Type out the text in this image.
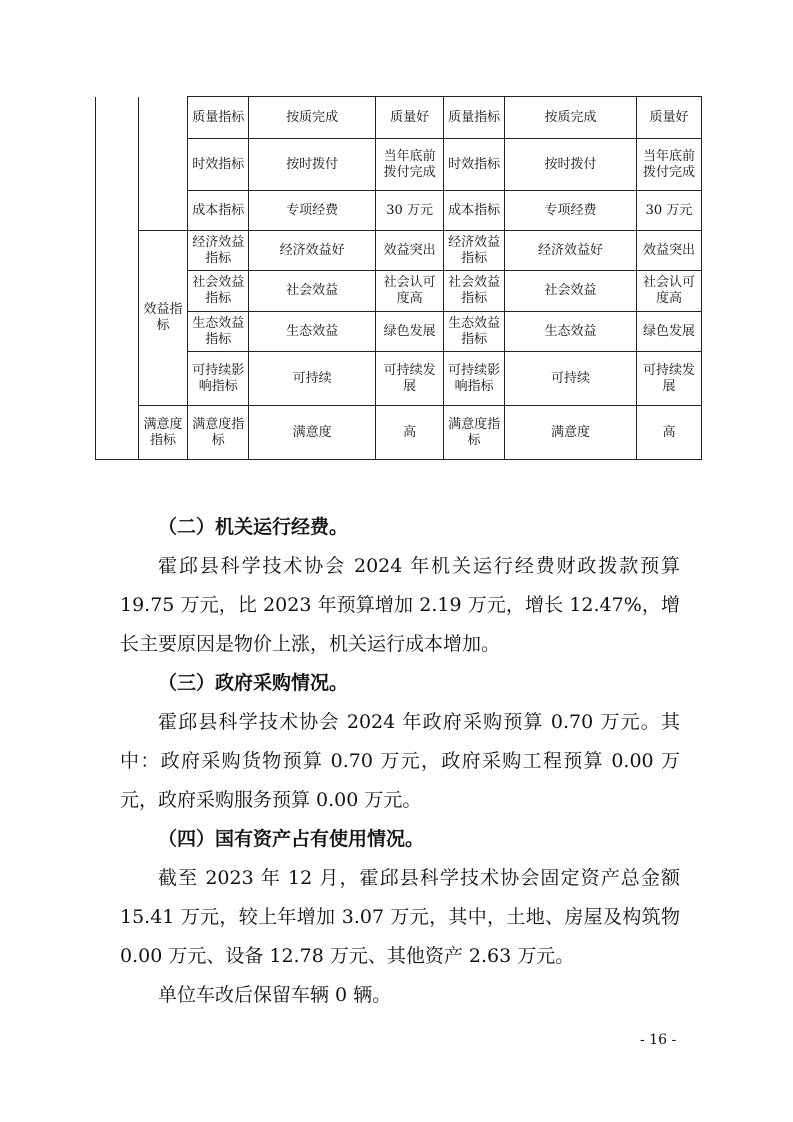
		质量指标	按质完成	质量好	质量指标	按质完成	质量好
		时效指标	按时拨付	当年底前拨付完成	时效指标	按时拨付	当年底前拨付完成
		成本指标	专项经费	30 万元	成本指标	专项经费	30 万元
	效益指标	经济效益指标	经济效益好	效益突出	经济效益指标	经济效益好	效益突出
		社会效益指标	社会效益	社会认可度高	社会效益指标	社会效益	社会认可度高
		生态效益指标	生态效益	绿色发展	生态效益指标	生态效益	绿色发展
		可持续影响指标	可持续	可持续发展	可持续影响指标	可持续	可持续发展
	满意度指标	满意度指标	满意度	高	满意度指标	满意度	高

（二）机关运行经费。

霍邱县科学技术协会 2024 年机关运行经费财政拨款预算 19.75 万元，比 2023 年预算增加 2.19 万元，增长 12.47%，增长主要原因是物价上涨，机关运行成本增加。

（三）政府采购情况。

霍邱县科学技术协会 2024 年政府采购预算 0.70 万元。其中：政府采购货物预算 0.70 万元，政府采购工程预算 0.00 万元，政府采购服务预算 0.00 万元。

（四）国有资产占有使用情况。

截至 2023 年 12 月，霍邱县科学技术协会固定资产总金额 15.41 万元，较上年增加 3.07 万元，其中，土地、房屋及构筑物 0.00 万元、设备 12.78 万元、其他资产 2.63 万元。

单位车改后保留车辆 0 辆。

- 16 -
